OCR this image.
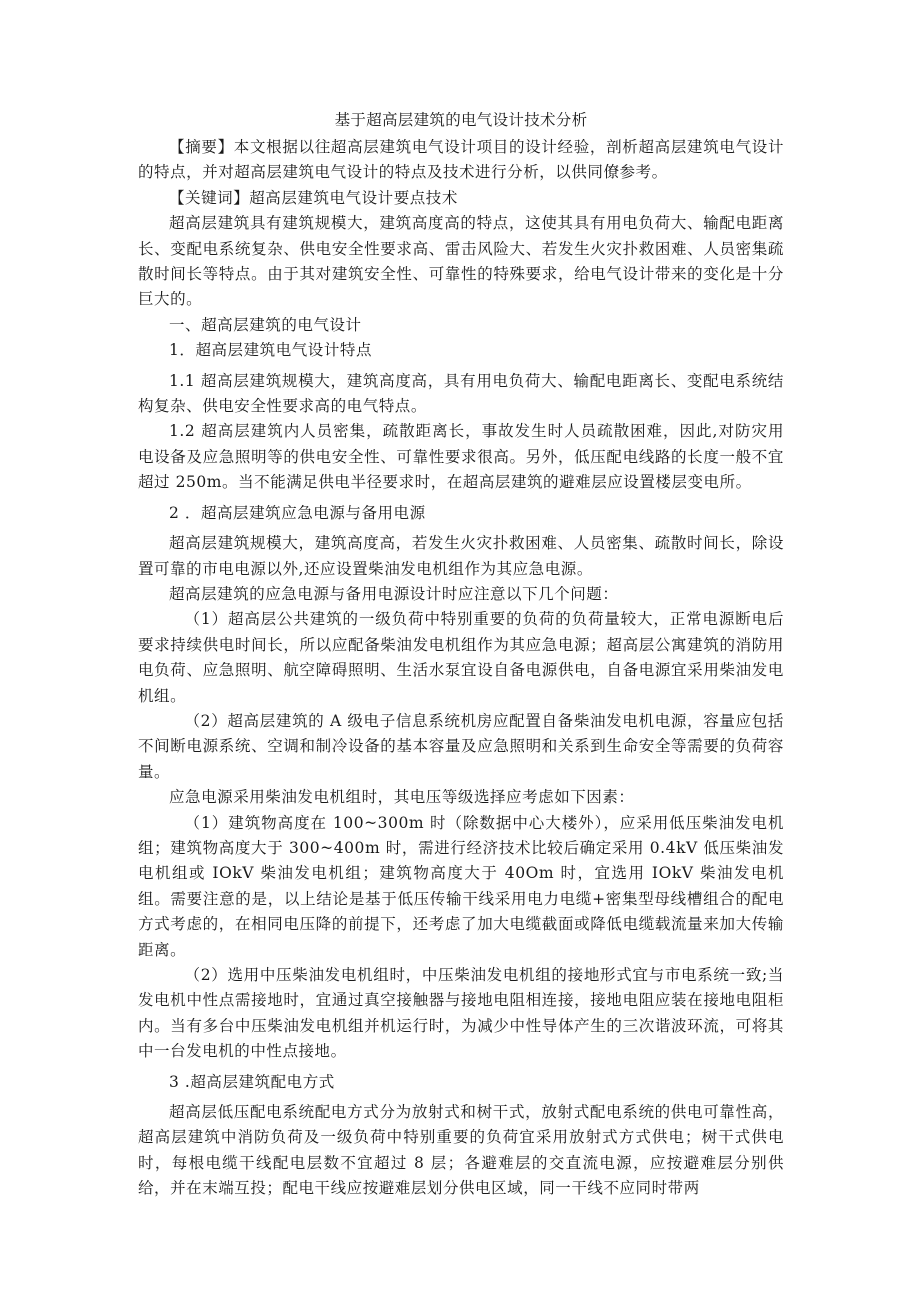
基于超高层建筑的电气设计技术分析

【摘要】本文根据以往超高层建筑电气设计项目的设计经验，剖析超高层建筑电气设计的特点，并对超高层建筑电气设计的特点及技术进行分析，以供同僚参考。

【关键词】超高层建筑电气设计要点技术

超高层建筑具有建筑规模大，建筑高度高的特点，这使其具有用电负荷大、输配电距离长、变配电系统复杂、供电安全性要求高、雷击风险大、若发生火灾扑救困难、人员密集疏散时间长等特点。由于其对建筑安全性、可靠性的特殊要求，给电气设计带来的变化是十分巨大的。

一、超高层建筑的电气设计

1．超高层建筑电气设计特点

1.1 超高层建筑规模大，建筑高度高，具有用电负荷大、输配电距离长、变配电系统结构复杂、供电安全性要求高的电气特点。

1.2 超高层建筑内人员密集，疏散距离长，事故发生时人员疏散困难，因此,对防灾用电设备及应急照明等的供电安全性、可靠性要求很高。另外，低压配电线路的长度一般不宜超过 250m。当不能满足供电半径要求时，在超高层建筑的避难层应设置楼层变电所。

2 ．超高层建筑应急电源与备用电源

超高层建筑规模大，建筑高度高，若发生火灾扑救困难、人员密集、疏散时间长，除设置可靠的市电电源以外,还应设置柴油发电机组作为其应急电源。

超高层建筑的应急电源与备用电源设计时应注意以下几个问题：

（1）超高层公共建筑的一级负荷中特别重要的负荷的负荷量较大，正常电源断电后要求持续供电时间长，所以应配备柴油发电机组作为其应急电源；超高层公寓建筑的消防用电负荷、应急照明、航空障碍照明、生活水泵宜设自备电源供电，自备电源宜采用柴油发电机组。

（2）超高层建筑的 A 级电子信息系统机房应配置自备柴油发电机电源，容量应包括不间断电源系统、空调和制冷设备的基本容量及应急照明和关系到生命安全等需要的负荷容量。

应急电源采用柴油发电机组时，其电压等级选择应考虑如下因素：

（1）建筑物高度在 100~300m 时（除数据中心大楼外），应采用低压柴油发电机组；建筑物高度大于 300~400m 时，需进行经济技术比较后确定采用 0.4kV 低压柴油发电机组或 IOkV 柴油发电机组；建筑物高度大于 40Om 时，宜选用 IOkV 柴油发电机组。需要注意的是，以上结论是基于低压传输干线采用电力电缆+密集型母线槽组合的配电方式考虑的，在相同电压降的前提下，还考虑了加大电缆截面或降低电缆载流量来加大传输距离。

（2）选用中压柴油发电机组时，中压柴油发电机组的接地形式宜与市电系统一致;当发电机中性点需接地时，宜通过真空接触器与接地电阻相连接，接地电阻应装在接地电阻柜内。当有多台中压柴油发电机组并机运行时，为减少中性导体产生的三次谐波环流，可将其中一台发电机的中性点接地。

3 .超高层建筑配电方式

超高层低压配电系统配电方式分为放射式和树干式，放射式配电系统的供电可靠性高，超高层建筑中消防负荷及一级负荷中特别重要的负荷宜采用放射式方式供电；树干式供电时，每根电缆干线配电层数不宜超过 8 层；各避难层的交直流电源，应按避难层分别供给，并在末端互投；配电干线应按避难层划分供电区域，同一干线不应同时带两
